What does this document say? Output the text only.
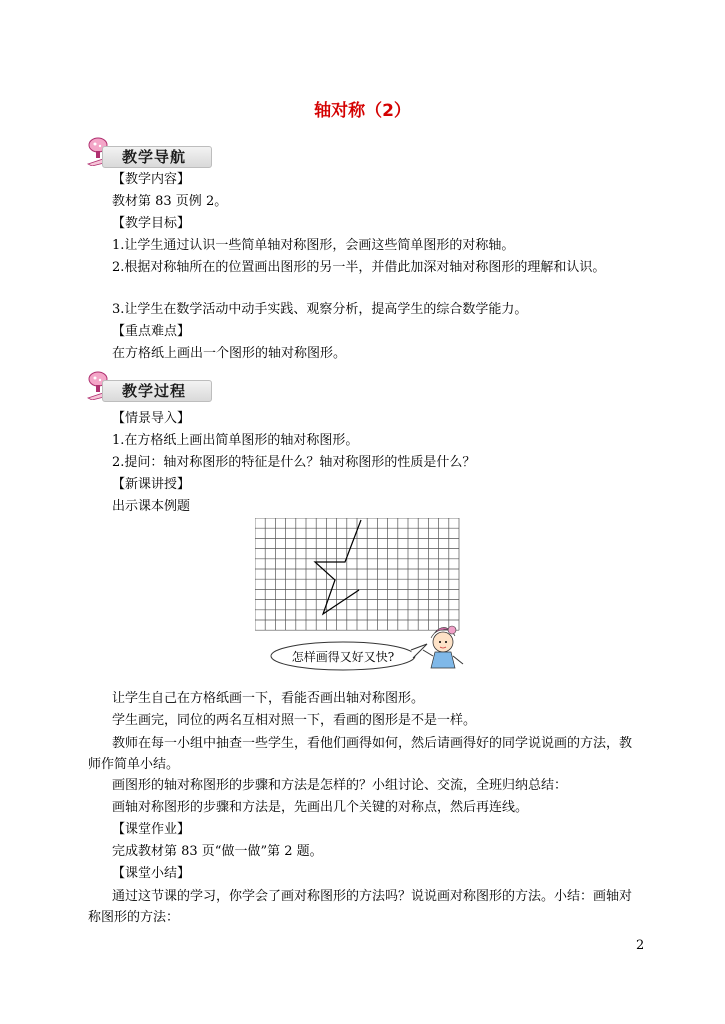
轴对称（2）
教学导航
【教学内容】
教材第 83 页例 2。
【教学目标】
1.让学生通过认识一些简单轴对称图形，会画这些简单图形的对称轴。
2.根据对称轴所在的位置画出图形的另一半，并借此加深对轴对称图形的理解和认识。
3.让学生在数学活动中动手实践、观察分析，提高学生的综合数学能力。
【重点难点】
在方格纸上画出一个图形的轴对称图形。
教学过程
【情景导入】
1.在方格纸上画出简单图形的轴对称图形。
2.提问：轴对称图形的特征是什么？轴对称图形的性质是什么？
【新课讲授】
出示课本例题
怎样画得又好又快?
让学生自己在方格纸画一下，看能否画出轴对称图形。
学生画完，同位的两名互相对照一下，看画的图形是不是一样。
教师在每一小组中抽查一些学生，看他们画得如何，然后请画得好的同学说说画的方法，教师作简单小结。
画图形的轴对称图形的步骤和方法是怎样的？小组讨论、交流，全班归纳总结：
画轴对称图形的步骤和方法是，先画出几个关键的对称点，然后再连线。
【课堂作业】
完成教材第 83 页“做一做”第 2 题。
【课堂小结】
通过这节课的学习，你学会了画对称图形的方法吗？说说画对称图形的方法。小结：画轴对称图形的方法：
2
